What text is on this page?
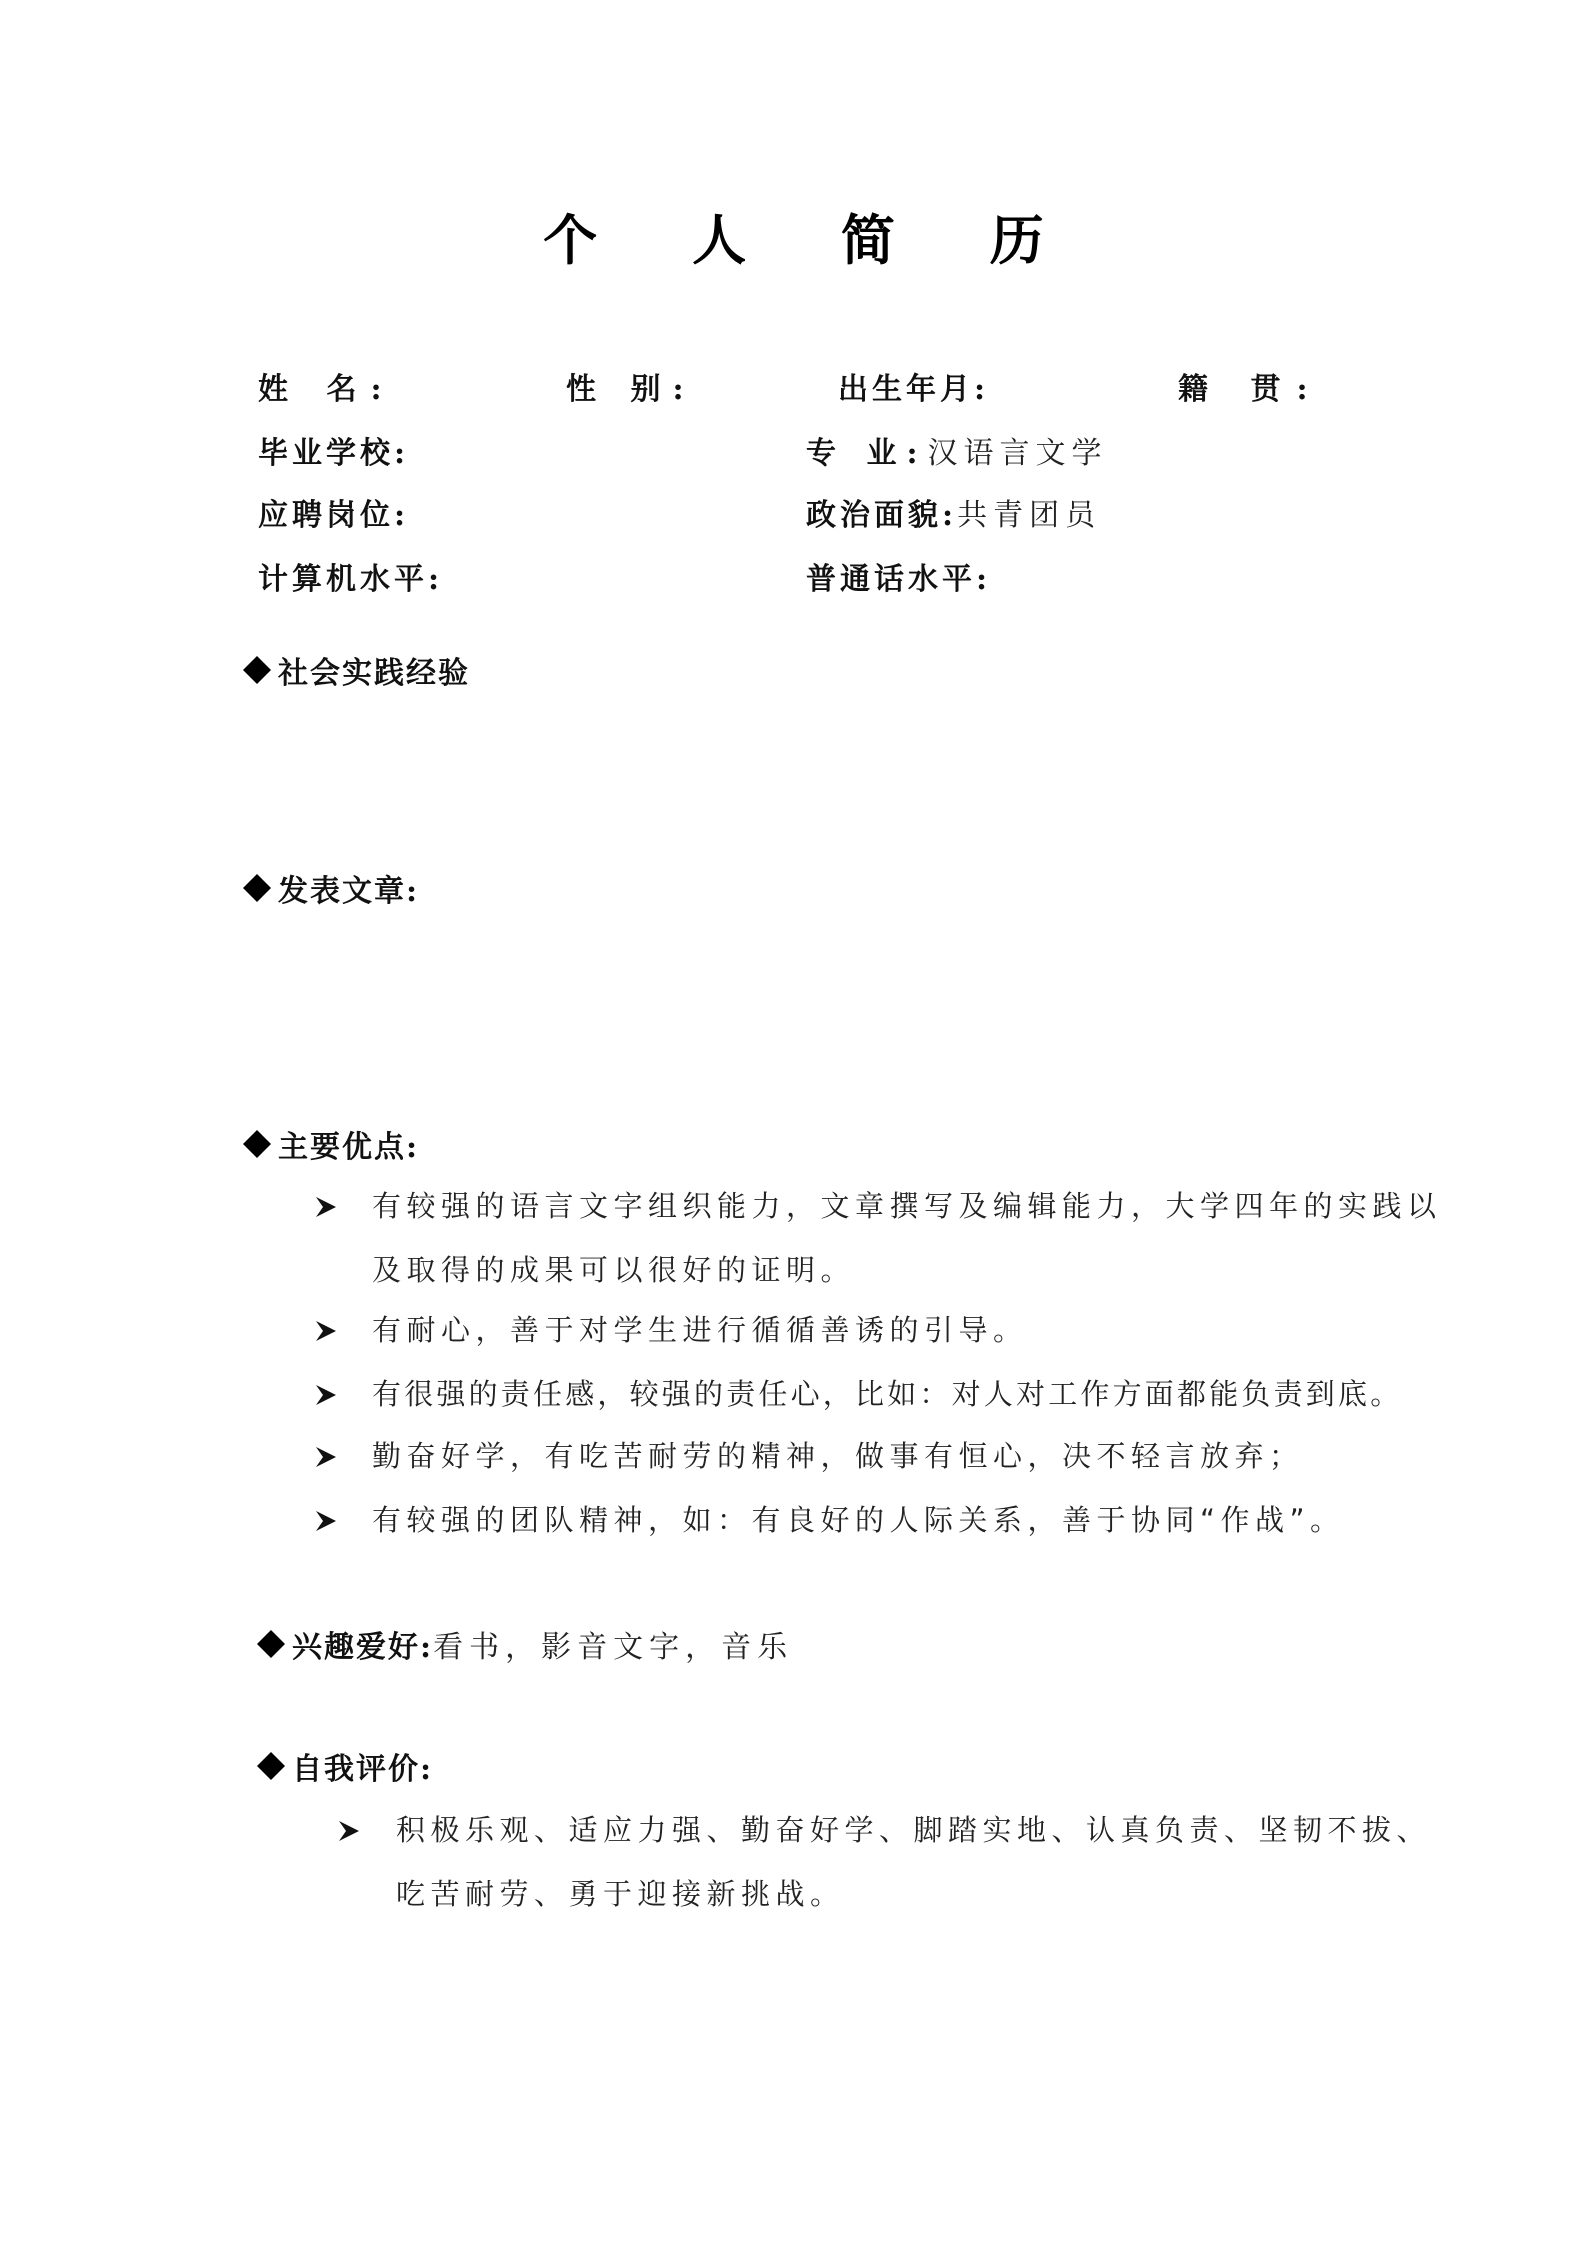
个 人 简 历
姓 名:	性 别:	出生年月:	籍 贯:
毕业学校:	专 业:汉语言文学
应聘岗位:	政治面貌:共青团员
计算机水平:	普通话水平:
社会实践经验
发表文章:
主要优点:
有较强的语言文字组织能力，文章撰写及编辑能力，大学四年的实践以
及取得的成果可以很好的证明。
有耐心，善于对学生进行循循善诱的引导。
有很强的责任感，较强的责任心，比如：对人对工作方面都能负责到底。
勤奋好学，有吃苦耐劳的精神，做事有恒心，决不轻言放弃；
有较强的团队精神，如：有良好的人际关系，善于协同“作战”。
兴趣爱好:看书，影音文字，音乐
自我评价:
积极乐观、适应力强、勤奋好学、脚踏实地、认真负责、坚韧不拔、
吃苦耐劳、勇于迎接新挑战。
